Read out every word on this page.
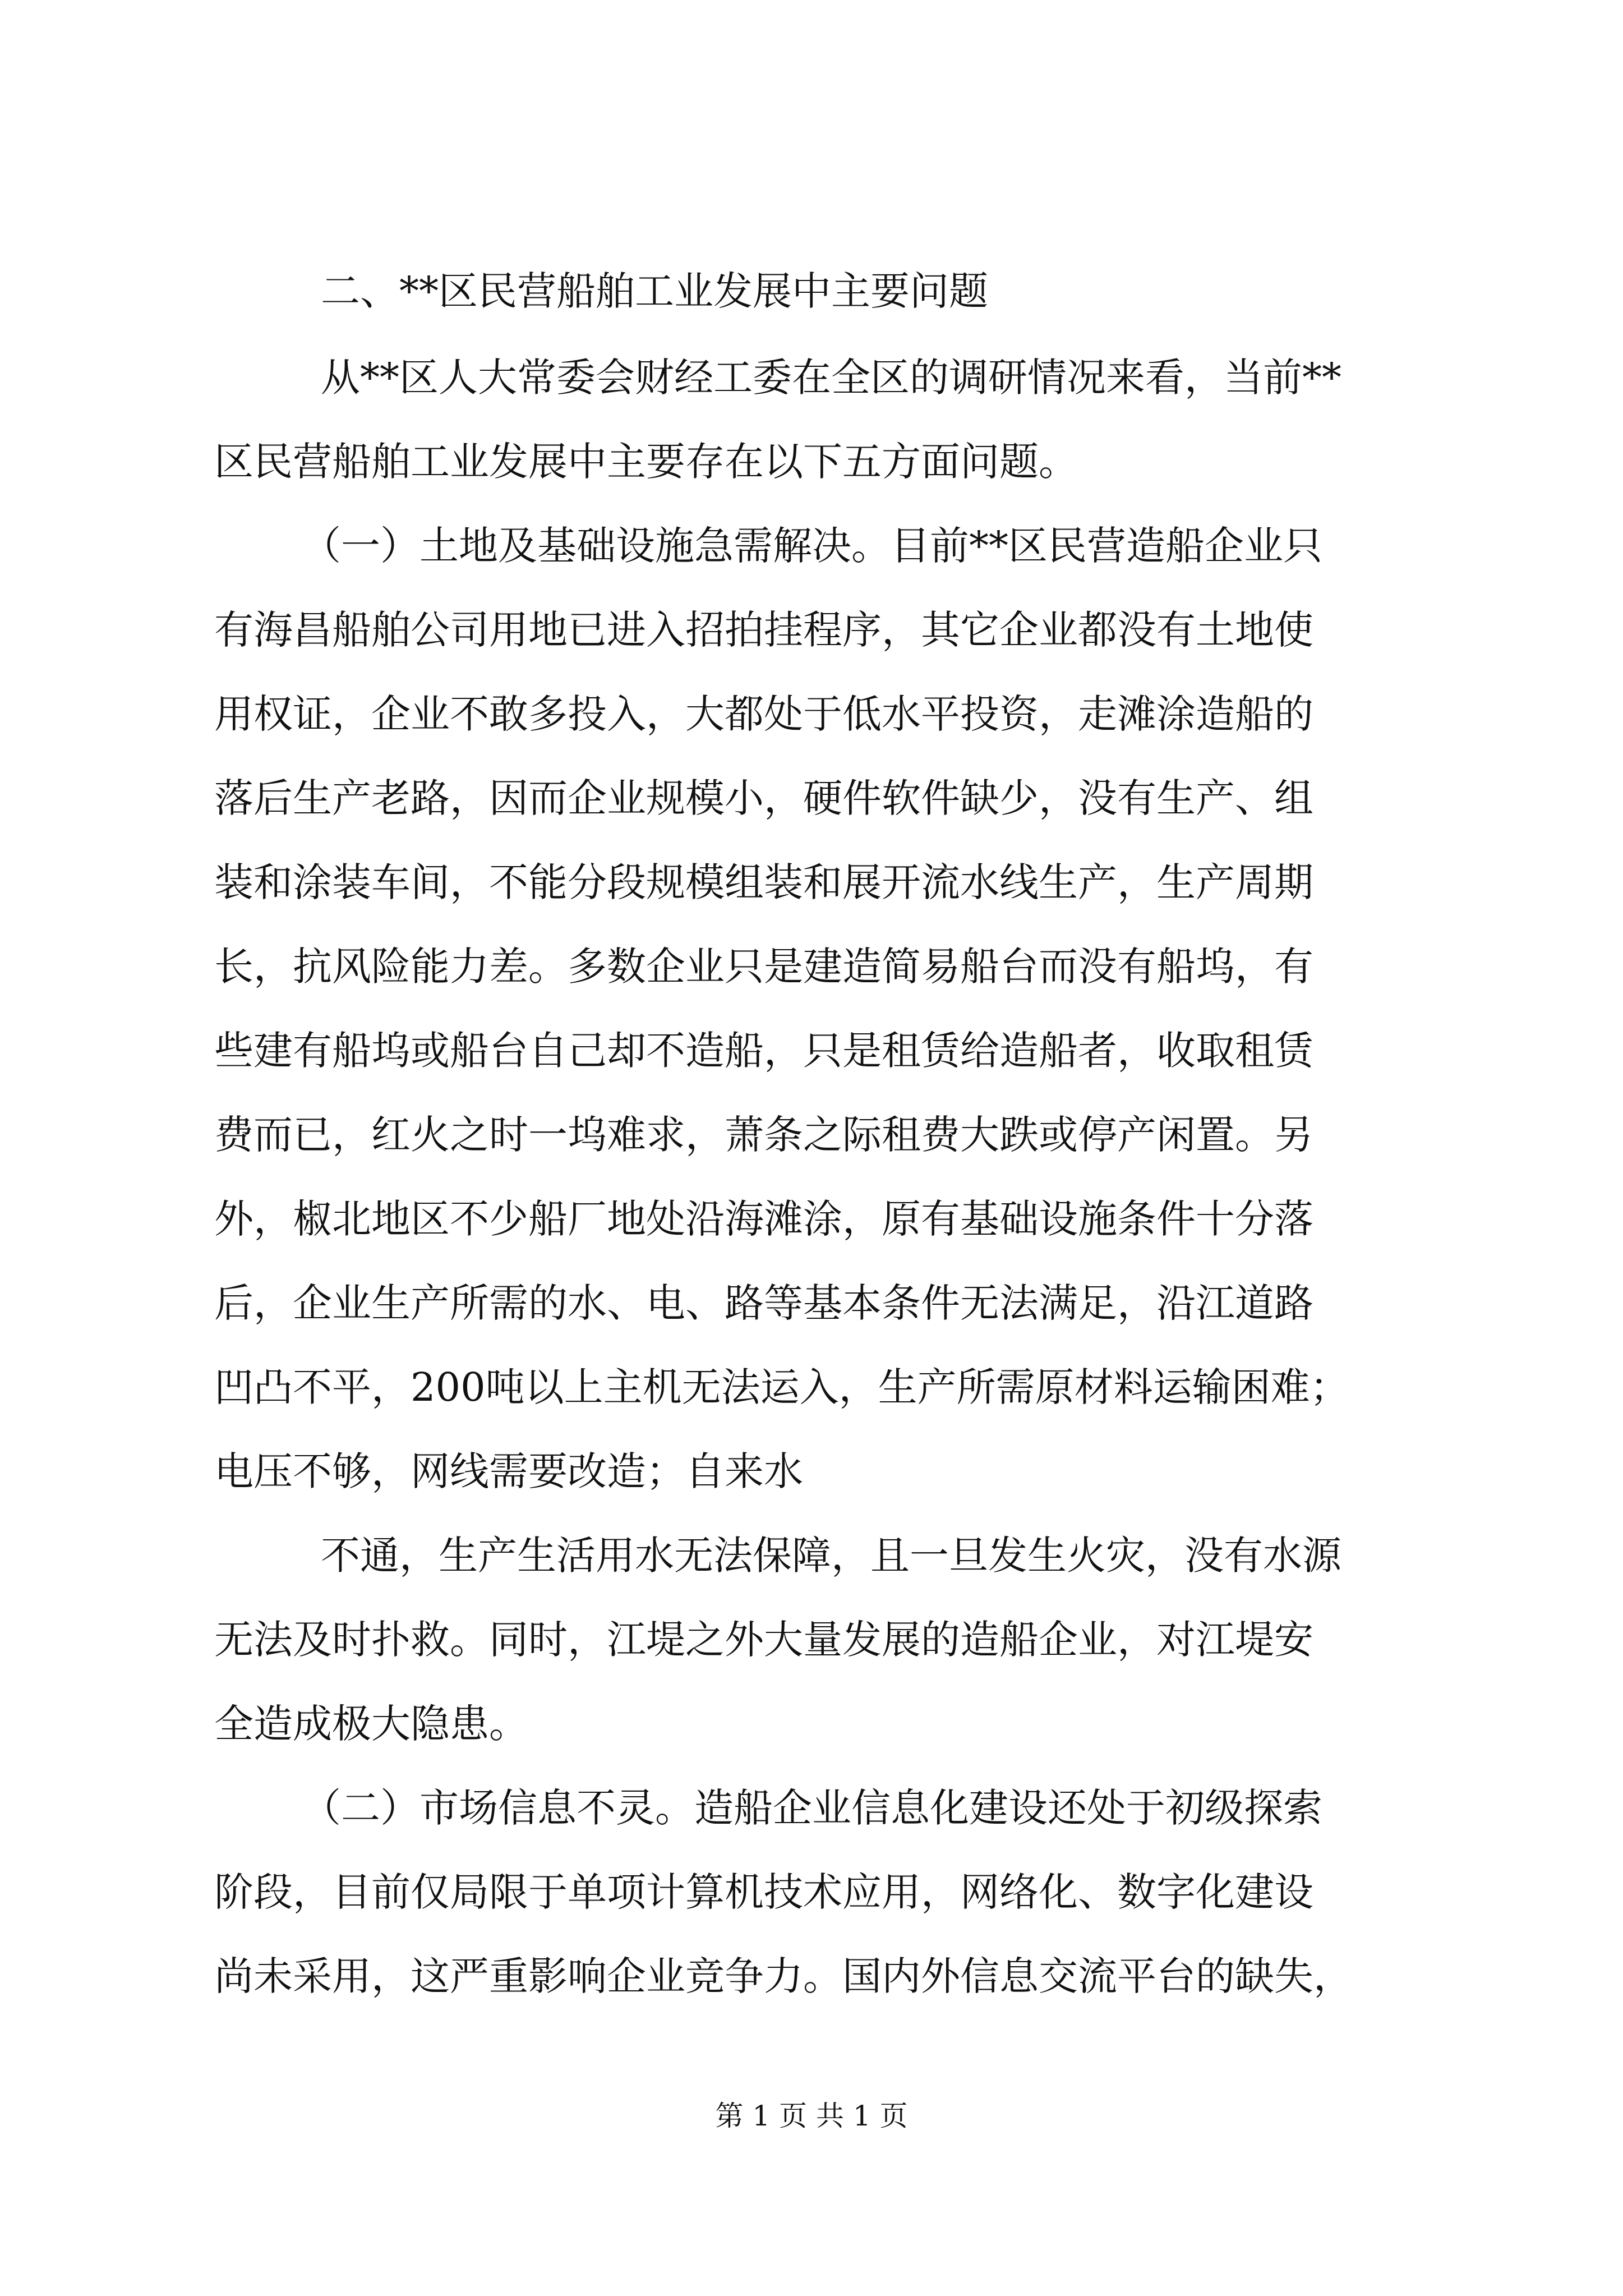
二、**区民营船舶工业发展中主要问题
从**区人大常委会财经工委在全区的调研情况来看，当前**
区民营船舶工业发展中主要存在以下五方面问题。
（一）土地及基础设施急需解决。目前**区民营造船企业只
有海昌船舶公司用地已进入招拍挂程序，其它企业都没有土地使
用权证，企业不敢多投入，大都处于低水平投资，走滩涂造船的
落后生产老路，因而企业规模小，硬件软件缺少，没有生产、组
装和涂装车间，不能分段规模组装和展开流水线生产，生产周期
长，抗风险能力差。多数企业只是建造简易船台而没有船坞，有
些建有船坞或船台自己却不造船，只是租赁给造船者，收取租赁
费而已，红火之时一坞难求，萧条之际租费大跌或停产闲置。另
外，椒北地区不少船厂地处沿海滩涂，原有基础设施条件十分落
后，企业生产所需的水、电、路等基本条件无法满足，沿江道路
凹凸不平，200吨以上主机无法运入，生产所需原材料运输困难；
电压不够，网线需要改造；自来水
不通，生产生活用水无法保障，且一旦发生火灾，没有水源
无法及时扑救。同时，江堤之外大量发展的造船企业，对江堤安
全造成极大隐患。
（二）市场信息不灵。造船企业信息化建设还处于初级探索
阶段，目前仅局限于单项计算机技术应用，网络化、数字化建设
尚未采用，这严重影响企业竞争力。国内外信息交流平台的缺失，
第 1 页 共 1 页
